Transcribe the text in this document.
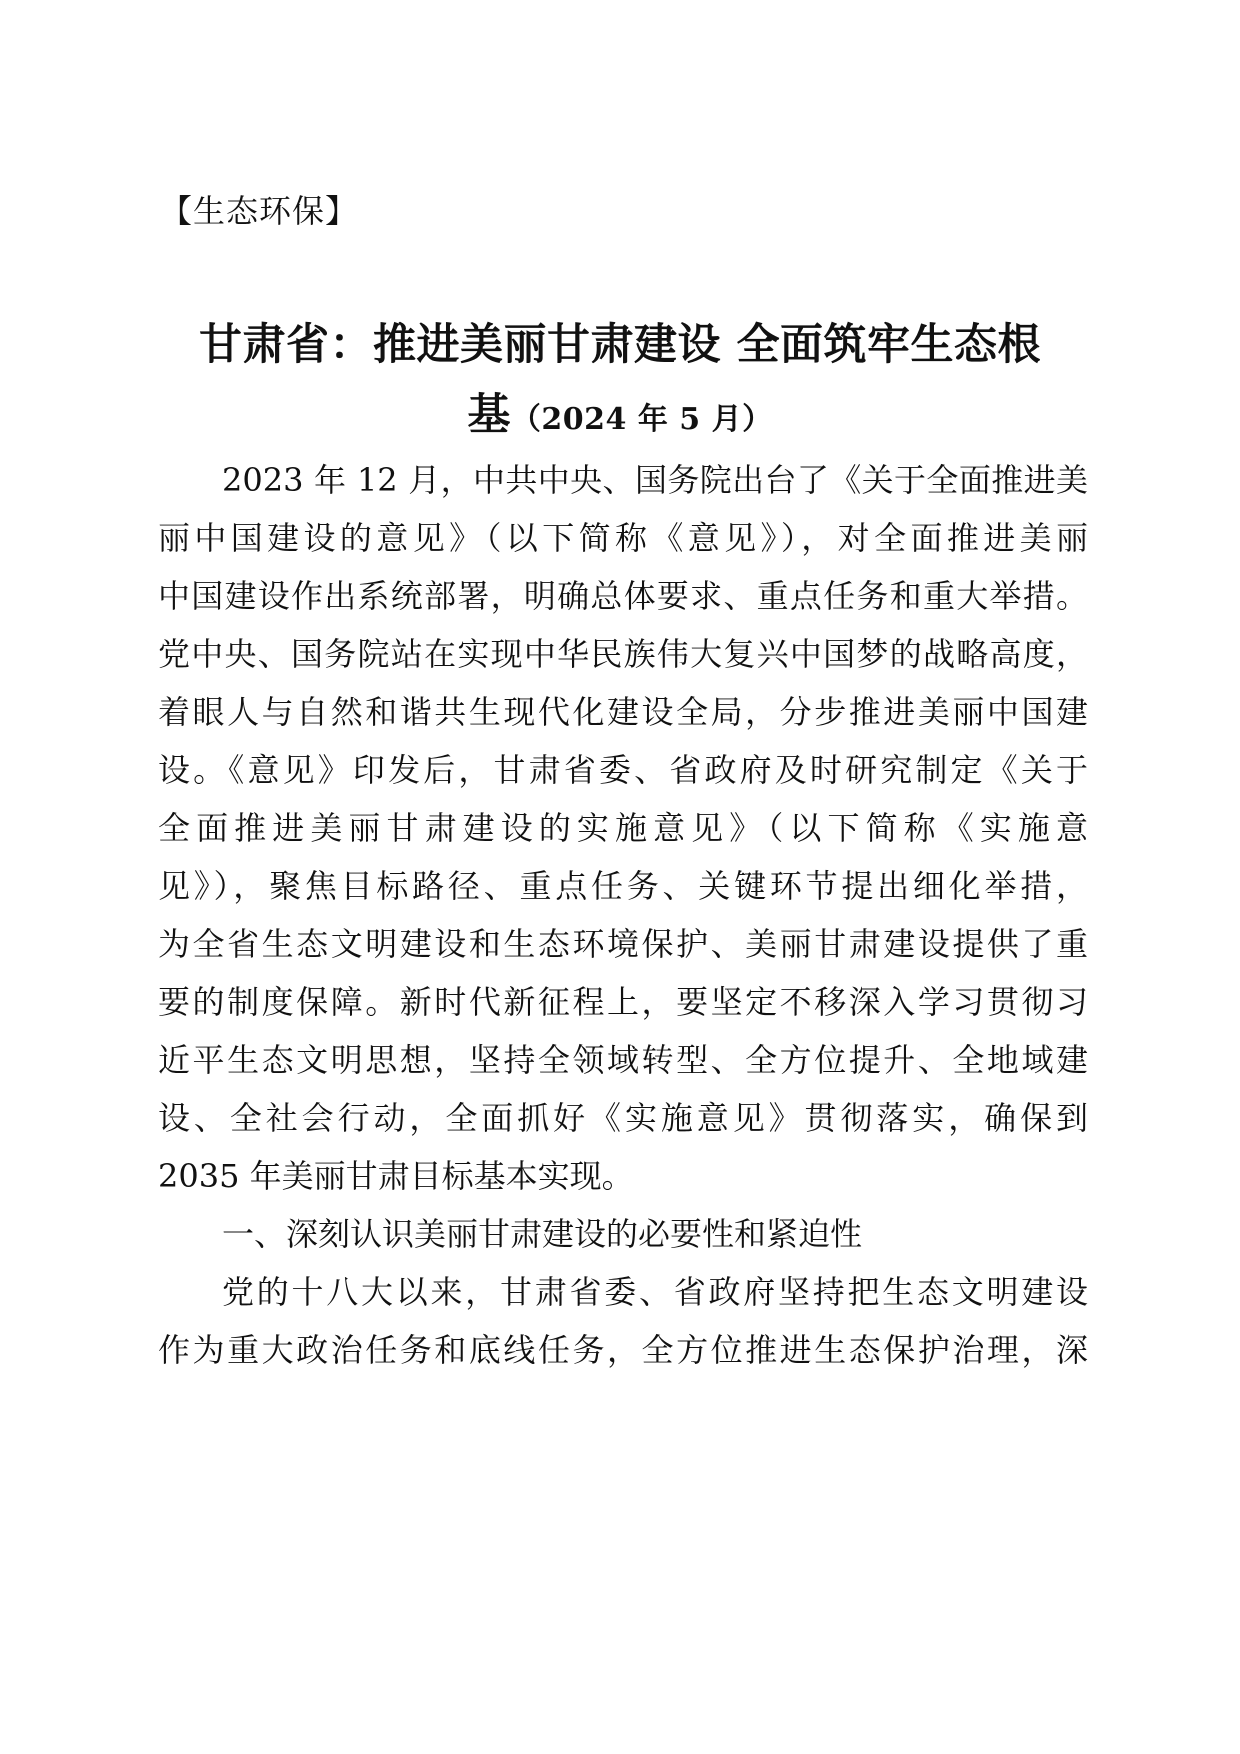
【生态环保】
甘肃省：推进美丽甘肃建设 全面筑牢生态根
基（2024 年 5 月）
2023 年 12 月，中共中央、国务院出台了《关于全面推进美
丽中国建设的意见》（以下简称《意见》），对全面推进美丽
中国建设作出系统部署，明确总体要求、重点任务和重大举措。
党中央、国务院站在实现中华民族伟大复兴中国梦的战略高度，
着眼人与自然和谐共生现代化建设全局，分步推进美丽中国建
设。《意见》印发后，甘肃省委、省政府及时研究制定《关于
全面推进美丽甘肃建设的实施意见》（以下简称《实施意
见》），聚焦目标路径、重点任务、关键环节提出细化举措，
为全省生态文明建设和生态环境保护、美丽甘肃建设提供了重
要的制度保障。新时代新征程上，要坚定不移深入学习贯彻习
近平生态文明思想，坚持全领域转型、全方位提升、全地域建
设、全社会行动，全面抓好《实施意见》贯彻落实，确保到
2035 年美丽甘肃目标基本实现。
一、深刻认识美丽甘肃建设的必要性和紧迫性
党的十八大以来，甘肃省委、省政府坚持把生态文明建设
作为重大政治任务和底线任务，全方位推进生态保护治理，深
